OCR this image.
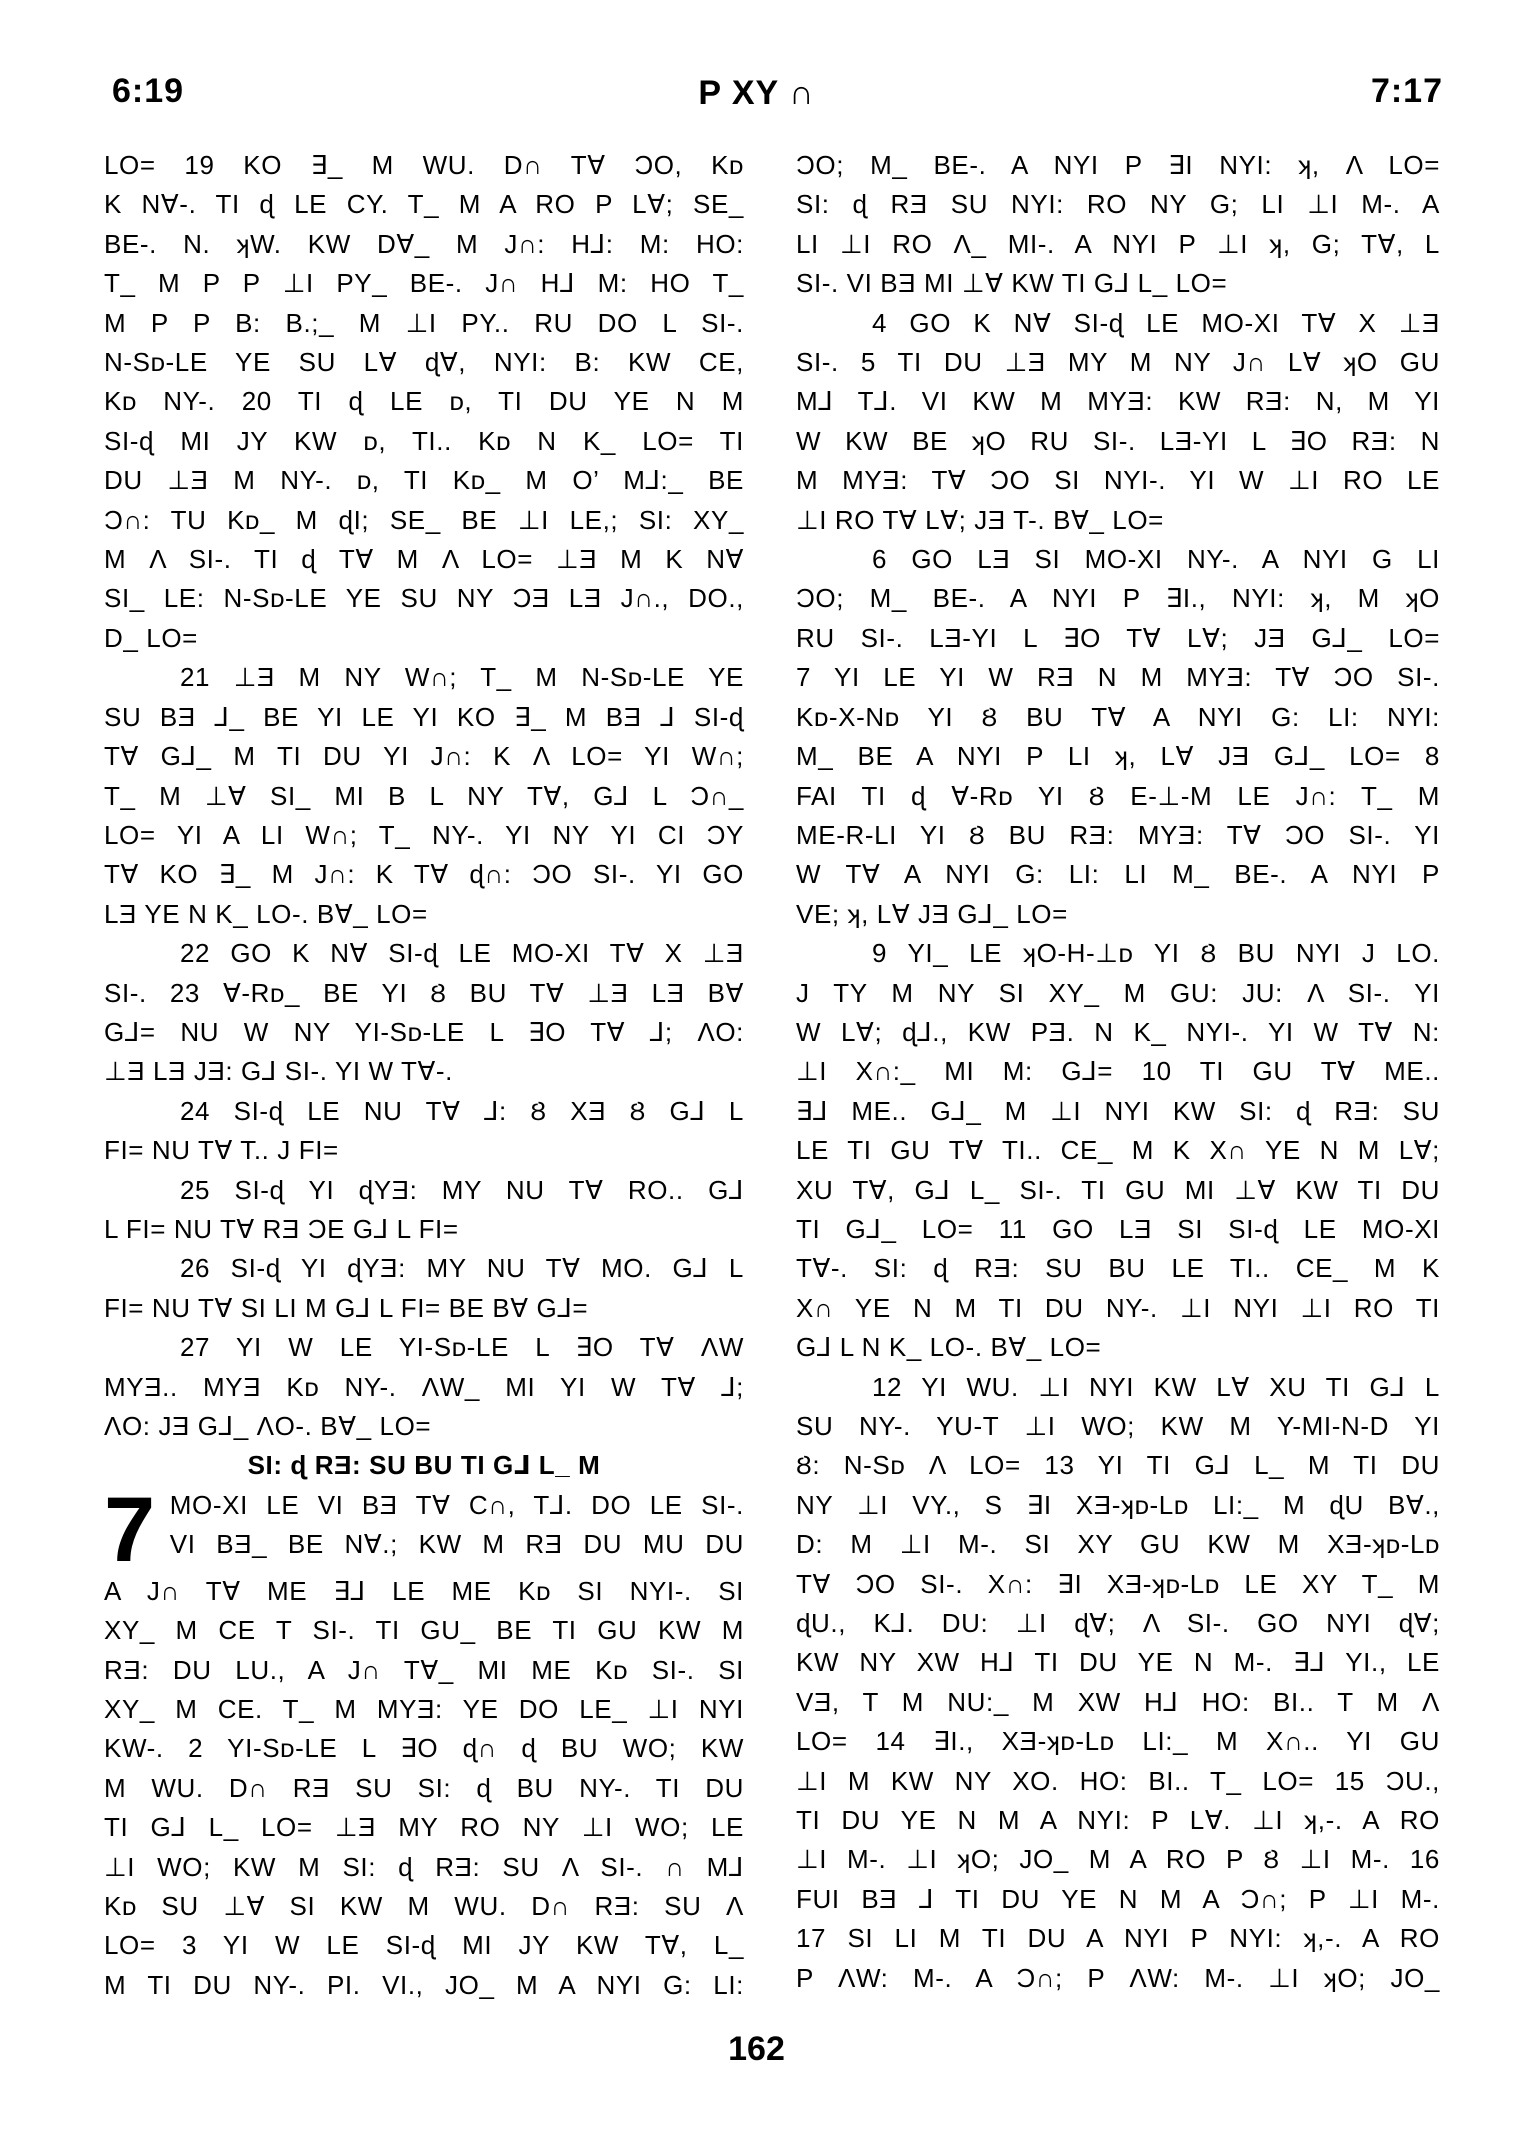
6:19	P XY ∩	7:17
LO= 19 KO ∃_ M WU. D∩ T∀ ƆO, Kᴅ
K N∀-. TI ɖ LE CY. T_ M A RO P L∀; SE_
BE-. N. ʞW. KW D∀_ M J∩: H⅃: M: HO:
T_ M P P ⊥I PY_ BE-. J∩ H⅃ M: HO T_
M P P B: B.;_ M ⊥I PY.. RU DO L SI-.
N-Sᴅ-LE YE SU L∀ ɖ∀, NYI: B: KW CE,
Kᴅ NY-. 20 TI ɖ LE ᴅ, TI DU YE N M
SI-ɖ MI JY KW ᴅ, TI.. Kᴅ N K_ LO= TI
DU ⊥Ǝ M NY-. ᴅ, TI Kᴅ_ M O’ M⅃:_ BE
Ɔ∩: TU Kᴅ_ M ɖI; SE_ BE ⊥I LE,; SI: XY_
M Λ SI-. TI ɖ T∀ M Λ LO= ⊥Ǝ M K N∀
SI_ LE: N-Sᴅ-LE YE SU NY ƆƎ LƎ J∩., DO.,
D_ LO=
21 ⊥Ǝ M NY W∩; T_ M N-Sᴅ-LE YE
SU BƎ ⅃_ BE YI LE YI KO ∃_ M BƎ ⅃ SI-ɖ
T∀ G⅃_ M TI DU YI J∩: K Λ LO= YI W∩;
T_ M ⊥∀ SI_ MI B L NY T∀, G⅃ L Ɔ∩_
LO= YI A LI W∩; T_ NY-. YI NY YI CI ƆY
T∀ KO ∃_ M J∩: K T∀ ɖ∩: ƆO SI-. YI GO
LƎ YE N K_ LO-. B∀_ LO=
22 GO K N∀ SI-ɖ LE MO-XI T∀ X ⊥Ǝ
SI-. 23 ∀-Rᴅ_ BE YI Ȣ BU T∀ ⊥Ǝ LƎ B∀
G⅃= NU W NY YI-Sᴅ-LE L ∃O T∀ ⅃; ΛO:
⊥Ǝ LƎ JƎ: G⅃ SI-. YI W T∀-.
24 SI-ɖ LE NU T∀ ⅃: Ȣ XƎ Ȣ G⅃ L
FI= NU T∀ T.. J FI=
25 SI-ɖ YI ɖYƎ: MY NU T∀ RO.. G⅃
L FI= NU T∀ RƎ ƆE G⅃ L FI=
26 SI-ɖ YI ɖYƎ: MY NU T∀ MO. G⅃ L
FI= NU T∀ SI LI M G⅃ L FI= BE B∀ G⅃=
27 YI W LE YI-Sᴅ-LE L ∃O T∀ ΛW
MYƎ.. MYƎ Kᴅ NY-. ΛW_ MI YI W T∀ ⅃;
ΛO: JƎ G⅃_ ΛO-. B∀_ LO=
SI: ɖ RƎ: SU BU TI G⅃ L_ M
7 MO-XI LE VI BƎ T∀ C∩, T⅃. DO LE SI-.
VI BƎ_ BE N∀.; KW M RƎ DU MU DU
A J∩ T∀ ME ∃⅃ LE ME Kᴅ SI NYI-. SI
XY_ M CE T SI-. TI GU_ BE TI GU KW M
RƎ: DU LU., A J∩ T∀_ MI ME Kᴅ SI-. SI
XY_ M CE. T_ M MYƎ: YE DO LE_ ⊥I NYI
KW-. 2 YI-Sᴅ-LE L ∃O ɖ∩ ɖ BU WO; KW
M WU. D∩ RƎ SU SI: ɖ BU NY-. TI DU
TI G⅃ L_ LO= ⊥Ǝ MY RO NY ⊥I WO; LE
⊥I WO; KW M SI: ɖ RƎ: SU Λ SI-. ∩ M⅃
Kᴅ SU ⊥∀ SI KW M WU. D∩ RƎ: SU Λ
LO= 3 YI W LE SI-ɖ MI JY KW T∀, L_
M TI DU NY-. PI. VI., JO_ M A NYI G: LI:
ƆO; M_ BE-. A NYI P ∃I NYI: ʞ, Λ LO=
SI: ɖ RƎ SU NYI: RO NY G; LI ⊥I M-. A
LI ⊥I RO Λ_ MI-. A NYI P ⊥I ʞ, G; T∀, L
SI-. VI BƎ MI ⊥∀ KW TI G⅃ L_ LO=
4 GO K N∀ SI-ɖ LE MO-XI T∀ X ⊥Ǝ
SI-. 5 TI DU ⊥Ǝ MY M NY J∩ L∀ ʞO GU
M⅃ T⅃. VI KW M MYƎ: KW RƎ: N, M YI
W KW BE ʞO RU SI-. LƎ-YI L ∃O RƎ: N
M MYƎ: T∀ ƆO SI NYI-. YI W ⊥I RO LE
⊥I RO T∀ L∀; JƎ T-. B∀_ LO=
6 GO LƎ SI MO-XI NY-. A NYI G LI
ƆO; M_ BE-. A NYI P ∃I., NYI: ʞ, M ʞO
RU SI-. LƎ-YI L ∃O T∀ L∀; JƎ G⅃_ LO=
7 YI LE YI W RƎ N M MYƎ: T∀ ƆO SI-.
Kᴅ-X-Nᴅ YI Ȣ BU T∀ A NYI G: LI: NYI:
M_ BE A NYI P LI ʞ, L∀ JƎ G⅃_ LO= 8
FAI TI ɖ ∀-Rᴅ YI Ȣ E-⊥-M LE J∩: T_ M
ME-R-LI YI Ȣ BU RƎ: MYƎ: T∀ ƆO SI-. YI
W T∀ A NYI G: LI: LI M_ BE-. A NYI P
VE; ʞ, L∀ JƎ G⅃_ LO=
9 YI_ LE ʞO-H-⊥ᴅ YI Ȣ BU NYI J LO.
J TY M NY SI XY_ M GU: JU: Λ SI-. YI
W L∀; ɖ⅃., KW PƎ. N K_ NYI-. YI W T∀ N:
⊥I X∩:_ MI M: G⅃= 10 TI GU T∀ ME..
∃⅃ ME.. G⅃_ M ⊥I NYI KW SI: ɖ RƎ: SU
LE TI GU T∀ TI.. CE_ M K X∩ YE N M L∀;
XU T∀, G⅃ L_ SI-. TI GU MI ⊥∀ KW TI DU
TI G⅃_ LO= 11 GO LƎ SI SI-ɖ LE MO-XI
T∀-. SI: ɖ RƎ: SU BU LE TI.. CE_ M K
X∩ YE N M TI DU NY-. ⊥I NYI ⊥I RO TI
G⅃ L N K_ LO-. B∀_ LO=
12 YI WU. ⊥I NYI KW L∀ XU TI G⅃ L
SU NY-. YU-T ⊥I WO; KW M Y-MI-N-D YI
Ȣ: N-Sᴅ Λ LO= 13 YI TI G⅃ L_ M TI DU
NY ⊥I VY., S ∃I XƎ-ʞᴅ-Lᴅ LI:_ M ɖU B∀.,
D: M ⊥I M-. SI XY GU KW M XƎ-ʞᴅ-Lᴅ
T∀ ƆO SI-. X∩: ∃I XƎ-ʞᴅ-Lᴅ LE XY T_ M
ɖU., K⅃. DU: ⊥I ɖ∀; Λ SI-. GO NYI ɖ∀;
KW NY XW H⅃ TI DU YE N M-. ∃⅃ YI., LE
VƎ, T M NU:_ M XW H⅃ HO: BI.. T M Λ
LO= 14 ∃I., XƎ-ʞᴅ-Lᴅ LI:_ M X∩.. YI GU
⊥I M KW NY XO. HO: BI.. T_ LO= 15 ƆU.,
TI DU YE N M A NYI: P L∀. ⊥I ʞ,-. A RO
⊥I M-. ⊥I ʞO; JO_ M A RO P Ȣ ⊥I M-. 16
FUI BƎ ⅃ TI DU YE N M A Ɔ∩; P ⊥I M-.
17 SI LI M TI DU A NYI P NYI: ʞ,-. A RO
P ΛW: M-. A Ɔ∩; P ΛW: M-. ⊥I ʞO; JO_
162
